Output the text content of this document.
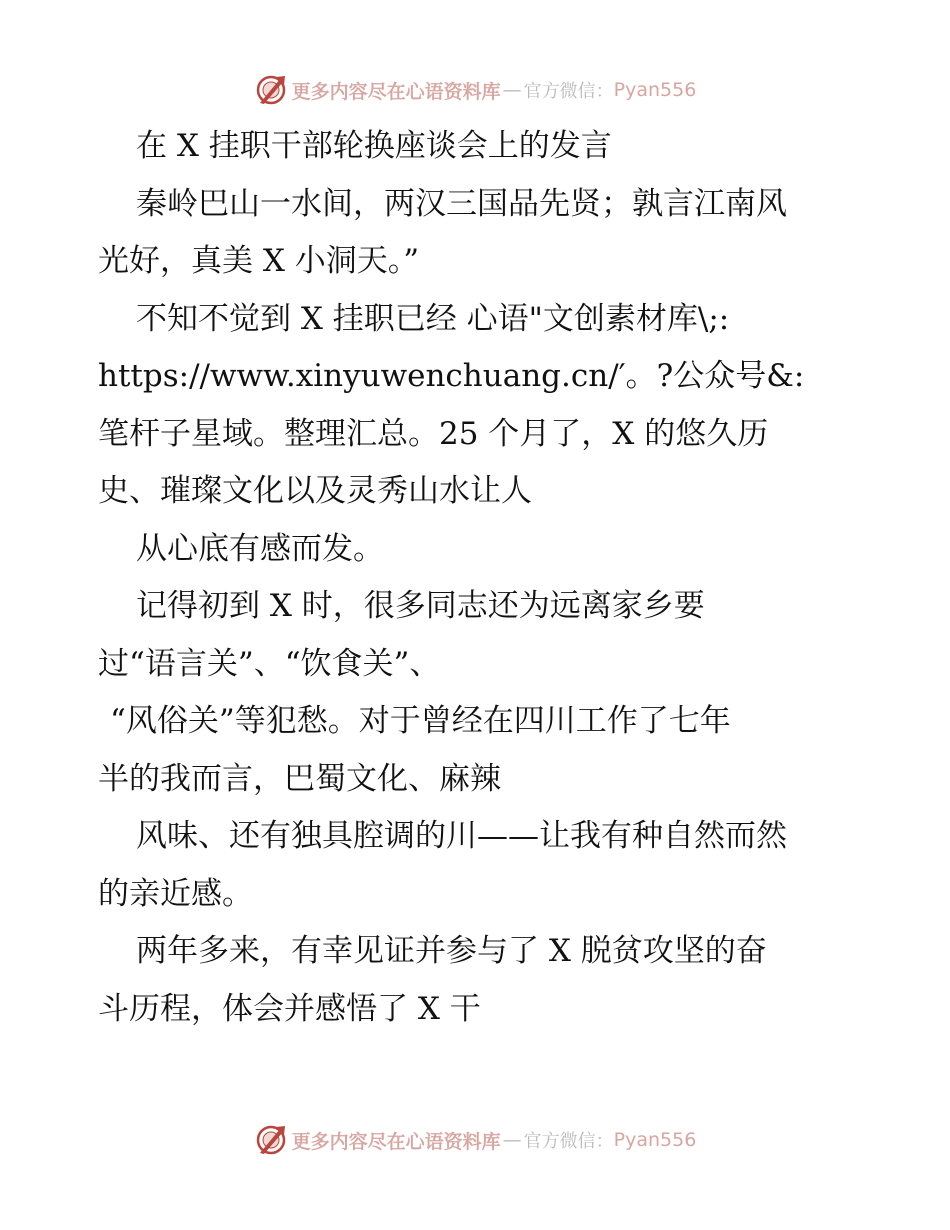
更多内容尽在心语资料库 — 官方微信： Pyan556
在 X 挂职干部轮换座谈会上的发言
秦岭巴山一水间，两汉三国品先贤；孰言江南风
光好，真美 X 小洞天。”
不知不觉到 X 挂职已经 心语"文创素材库\;:
https://www.xinyuwenchuang.cn/′。?公众号&:
笔杆子星域。整理汇总。25 个月了，X 的悠久历
史、璀璨文化以及灵秀山水让人
从心底有感而发。
记得初到 X 时，很多同志还为远离家乡要
过“语言关”、“饮食关”、
“风俗关”等犯愁。对于曾经在四川工作了七年
半的我而言，巴蜀文化、麻辣
风味、还有独具腔调的川——让我有种自然而然
的亲近感。
两年多来，有幸见证并参与了 X 脱贫攻坚的奋
斗历程，体会并感悟了 X 干
更多内容尽在心语资料库 — 官方微信： Pyan556
